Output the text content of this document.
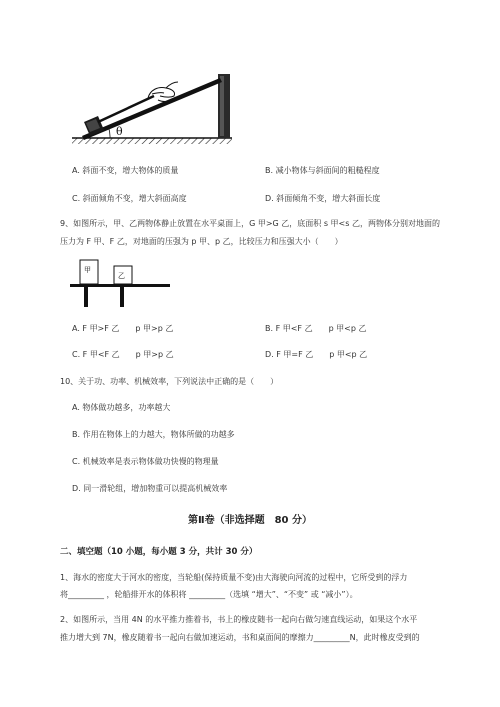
θ
A. 斜面不变，增大物体的质量	B. 减小物体与斜面间的粗糙程度
C. 斜面倾角不变，增大斜面高度	D. 斜面倾角不变，增大斜面长度
9、如图所示，甲、乙两物体静止放置在水平桌面上，G 甲>G 乙，底面积 s 甲<s 乙，两物体分别对地面的
压力为 F 甲、F 乙，对地面的压强为 p 甲、p 乙，比较压力和压强大小（　　）
甲
乙
A. F 甲>F 乙　　p 甲>p 乙	B. F 甲<F 乙　　p 甲<p 乙
C. F 甲<F 乙　　p 甲>p 乙	D. F 甲=F 乙　　p 甲<p 乙
10、关于功、功率、机械效率，下列说法中正确的是（　　）
A. 物体做功越多，功率越大
B. 作用在物体上的力越大，物体所做的功越多
C. 机械效率是表示物体做功快慢的物理量
D. 同一滑轮组，增加物重可以提高机械效率
第Ⅱ卷（非选择题　80 分）
二、填空题（10 小题，每小题 3 分，共计 30 分）
1、海水的密度大于河水的密度，当轮船(保持质量不变)由大海驶向河流的过程中，它所受到的浮力
将_________ ，轮船排开水的体积将 _________（选填 “增大”、“不变” 或 “减小”）。
2、如图所示，当用 4N 的水平推力推着书，书上的橡皮随书一起向右做匀速直线运动，如果这个水平
推力增大到 7N，橡皮随着书一起向右做加速运动，书和桌面间的摩擦力_________N，此时橡皮受到的
